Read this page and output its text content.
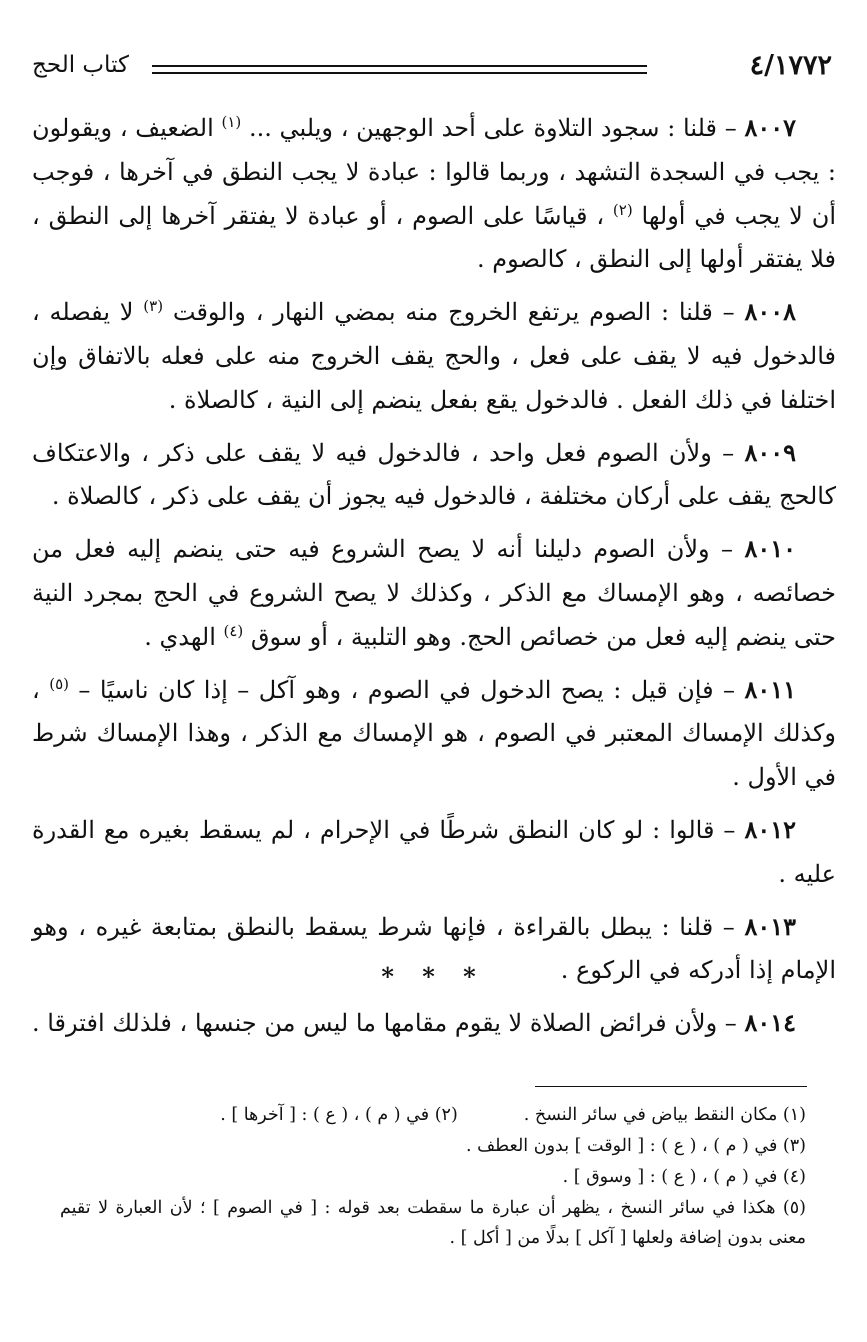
٤/١٧٧٢
كتاب الحج

٨٠٠٧ – قلنا : سجود التلاوة على أحد الوجهين ، ويلبي ... $^{(١)}$ الضعيف ، ويقولون : يجب في السجدة التشهد ، وربما قالوا : عبادة لا يجب النطق في آخرها ، فوجب أن لا يجب في أولها $^{(٢)}$ ، قياسًا على الصوم ، أو عبادة لا يفتقر آخرها إلى النطق ، فلا يفتقر أولها إلى النطق ، كالصوم .

٨٠٠٨ – قلنا : الصوم يرتفع الخروج منه بمضي النهار ، والوقت $^{(٣)}$ لا يفصله ، فالدخول فيه لا يقف على فعل ، والحج يقف الخروج منه على فعله بالاتفاق وإن اختلفا في ذلك الفعل . فالدخول يقع بفعل ينضم إلى النية ، كالصلاة .

٨٠٠٩ – ولأن الصوم فعل واحد ، فالدخول فيه لا يقف على ذكر ، والاعتكاف كالحج يقف على أركان مختلفة ، فالدخول فيه يجوز أن يقف على ذكر ، كالصلاة .

٨٠١٠ – ولأن الصوم دليلنا أنه لا يصح الشروع فيه حتى ينضم إليه فعل من خصائصه ، وهو الإمساك مع الذكر ، وكذلك لا يصح الشروع في الحج بمجرد النية حتى ينضم إليه فعل من خصائص الحج. وهو التلبية ، أو سوق $^{(٤)}$ الهدي .

٨٠١١ – فإن قيل : يصح الدخول في الصوم ، وهو آكل – إذا كان ناسيًا – $^{(٥)}$ ، وكذلك الإمساك المعتبر في الصوم ، هو الإمساك مع الذكر ، وهذا الإمساك شرط في الأول .

٨٠١٢ – قالوا : لو كان النطق شرطًا في الإحرام ، لم يسقط بغيره مع القدرة عليه .

٨٠١٣ – قلنا : يبطل بالقراءة ، فإنها شرط يسقط بالنطق بمتابعة غيره ، وهو الإمام إذا أدركه في الركوع .

٨٠١٤ – ولأن فرائض الصلاة لا يقوم مقامها ما ليس من جنسها ، فلذلك افترقا .

* * *
(١) مكان النقط بياض في سائر النسخ .
(٢) في ( م ) ، ( ع ) : [ آخرها ] .
(٣) في ( م ) ، ( ع ) : [ الوقت ] بدون العطف .
(٤) في ( م ) ، ( ع ) : [ وسوق ] .
(٥) هكذا في سائر النسخ ، يظهر أن عبارة ما سقطت بعد قوله : [ في الصوم ] ؛ لأن العبارة لا تقيم معنى بدون إضافة ولعلها [ آكل ] بدلًا من [ أكل ] .
